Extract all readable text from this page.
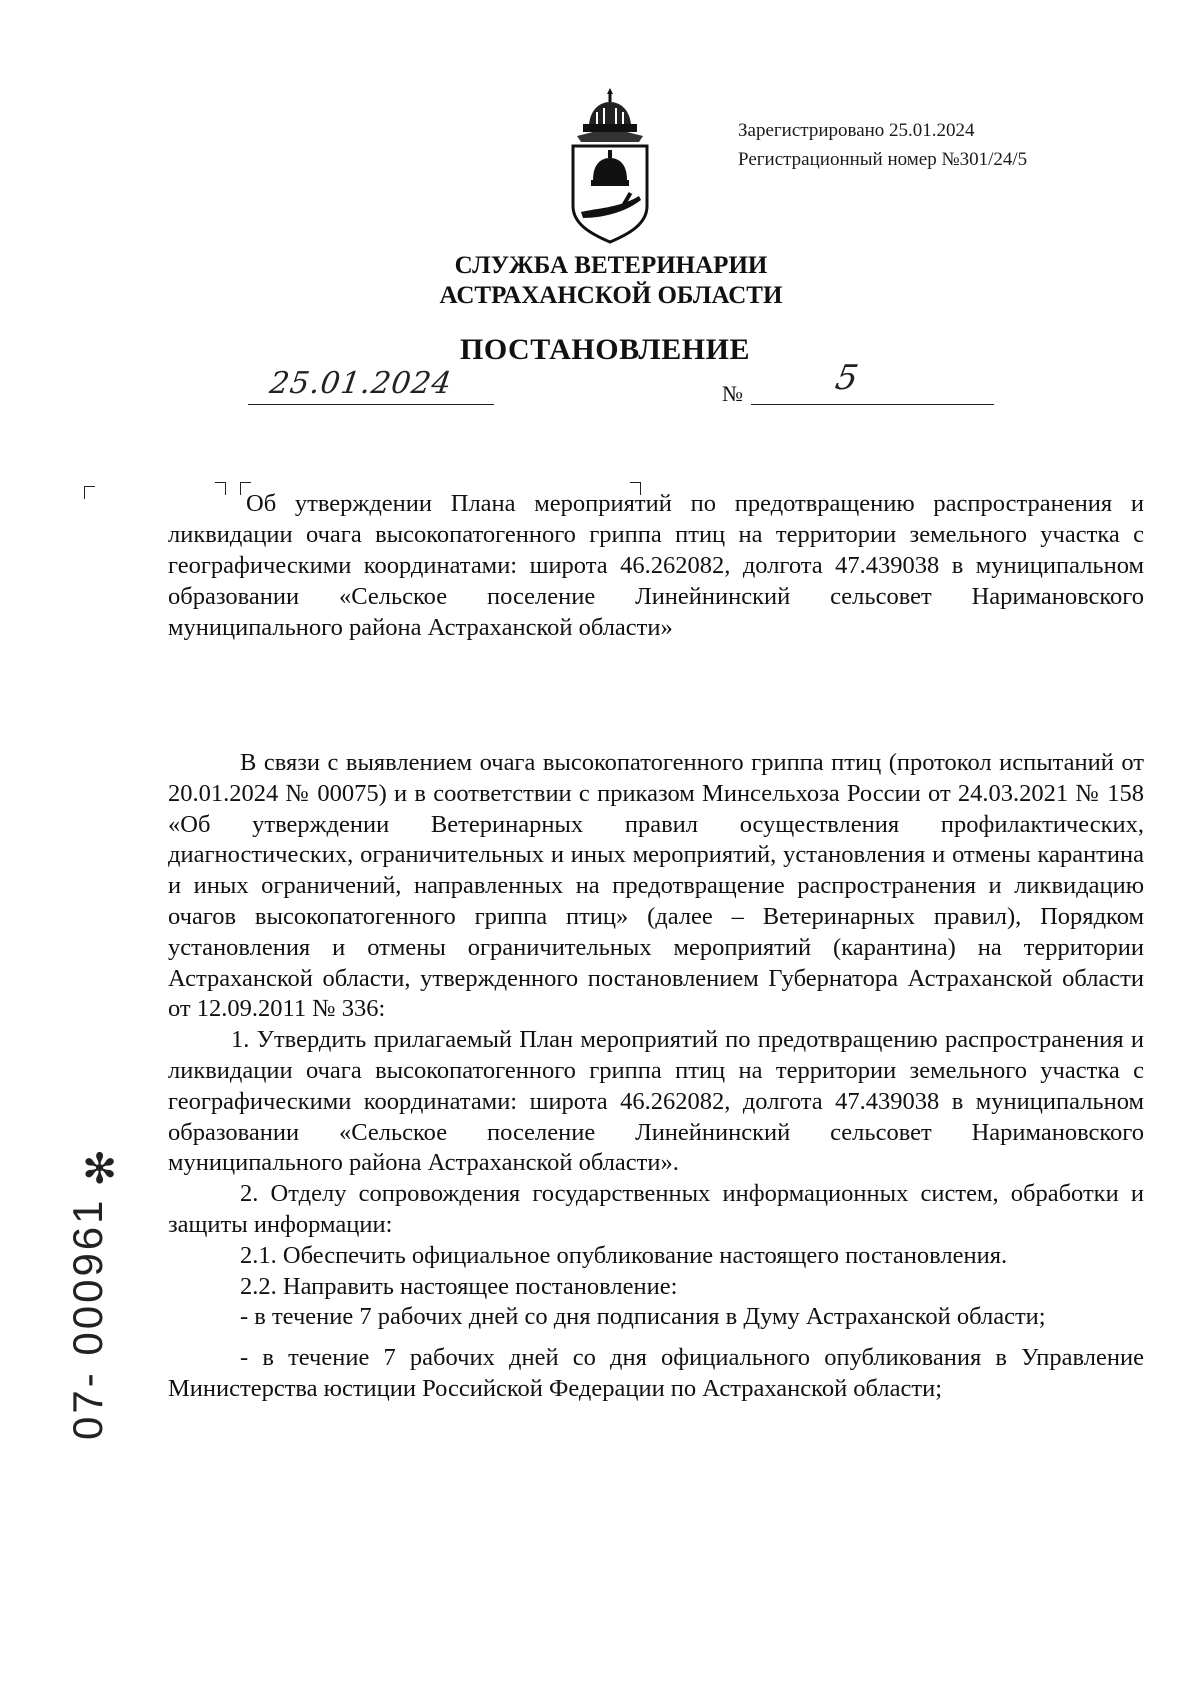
Зарегистрировано 25.01.2024
Регистрационный номер №301/24/5
СЛУЖБА ВЕТЕРИНАРИИ
АСТРАХАНСКОЙ ОБЛАСТИ
ПОСТАНОВЛЕНИЕ
25.01.2024	№	5
Об утверждении Плана мероприятий по предотвращению распространения и ликвидации очага высокопатогенного гриппа птиц на территории земельного участка с географическими координатами: широта 46.262082, долгота 47.439038 в муниципальном образовании «Сельское поселение Линейнинский сельсовет Наримановского муниципального района Астраханской области»

В связи с выявлением очага высокопатогенного гриппа птиц (протокол испытаний от 20.01.2024 № 00075) и в соответствии с приказом Минсельхоза России от 24.03.2021 № 158 «Об утверждении Ветеринарных правил осуществления профилактических, диагностических, ограничительных и иных мероприятий, установления и отмены карантина и иных ограничений, направленных на предотвращение распространения и ликвидацию очагов высокопатогенного гриппа птиц» (далее – Ветеринарных правил), Порядком установления и отмены ограничительных мероприятий (карантина) на территории Астраханской области, утвержденного постановлением Губернатора Астраханской области от 12.09.2011 № 336:

1. Утвердить прилагаемый План мероприятий по предотвращению распространения и ликвидации очага высокопатогенного гриппа птиц на территории земельного участка с географическими координатами: широта 46.262082, долгота 47.439038 в муниципальном образовании «Сельское поселение Линейнинский сельсовет Наримановского муниципального района Астраханской области».

2. Отделу сопровождения государственных информационных систем, обработки и защиты информации:

2.1. Обеспечить официальное опубликование настоящего постановления.

2.2. Направить настоящее постановление:

- в течение 7 рабочих дней со дня подписания в Думу Астраханской области;

- в течение 7 рабочих дней со дня официального опубликования в Управление Министерства юстиции Российской Федерации по Астраханской области;

✻
07- 000961
